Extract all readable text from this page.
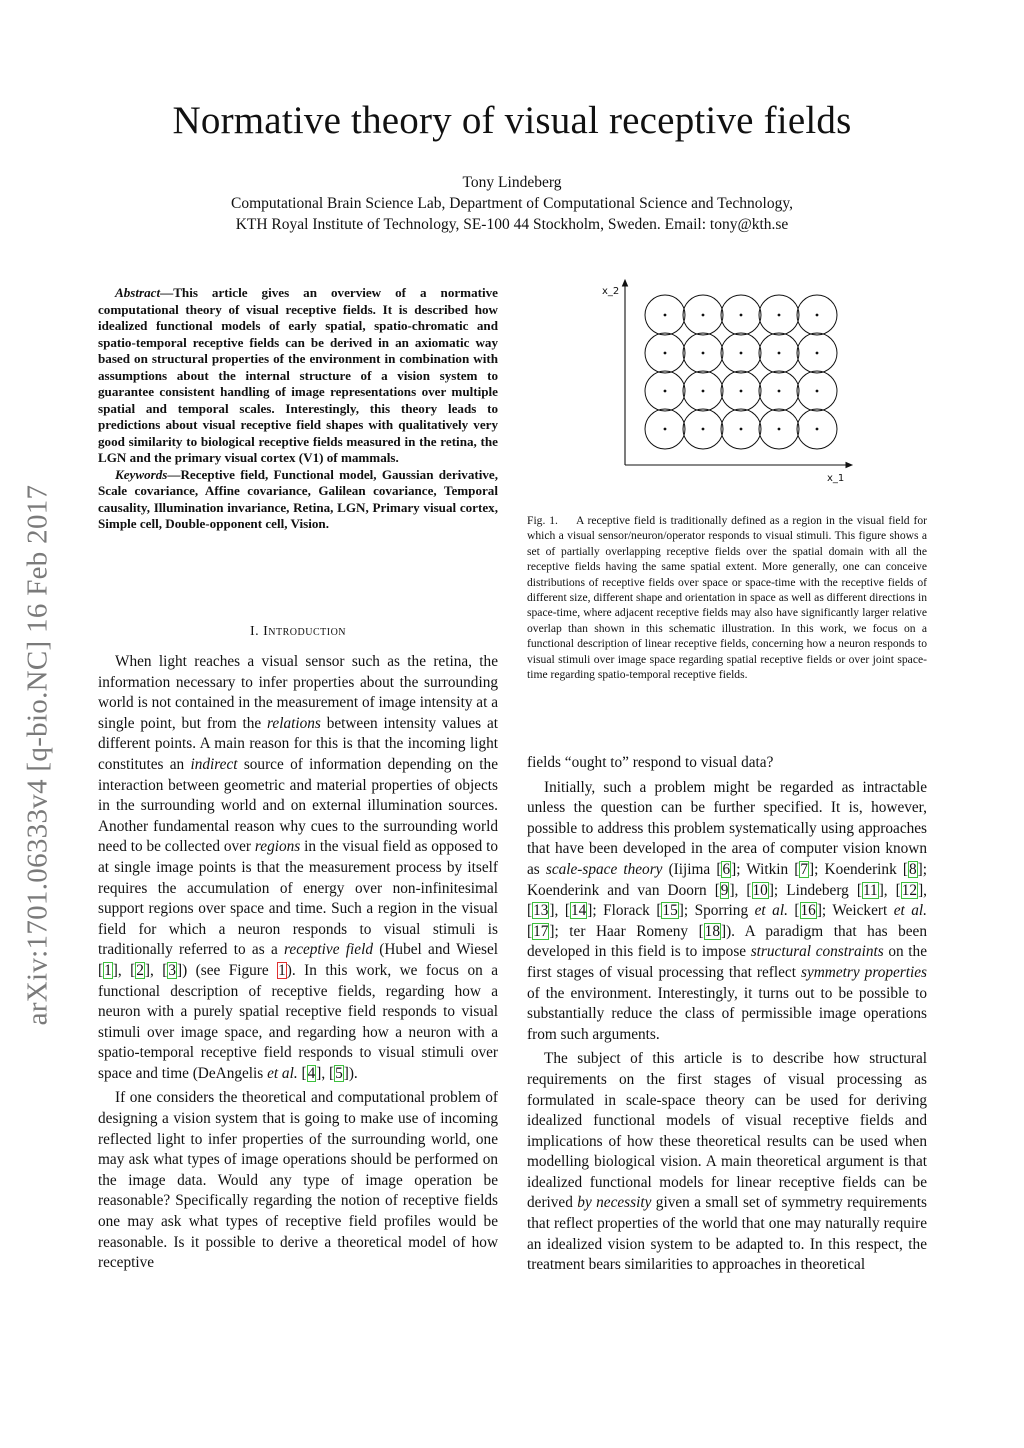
Normative theory of visual receptive fields
Tony Lindeberg
Computational Brain Science Lab, Department of Computational Science and Technology,
KTH Royal Institute of Technology, SE-100 44 Stockholm, Sweden. Email: tony@kth.se
arXiv:1701.06333v4 [q-bio.NC] 16 Feb 2017

Abstract—This article gives an overview of a normative computational theory of visual receptive fields. It is described how idealized functional models of early spatial, spatio-chromatic and spatio-temporal receptive fields can be derived in an axiomatic way based on structural properties of the environment in combination with assumptions about the internal structure of a vision system to guarantee consistent handling of image representations over multiple spatial and temporal scales. Interestingly, this theory leads to predictions about visual receptive field shapes with qualitatively very good similarity to biological receptive fields measured in the retina, the LGN and the primary visual cortex (V1) of mammals.

Keywords—Receptive field, Functional model, Gaussian derivative, Scale covariance, Affine covariance, Galilean covariance, Temporal causality, Illumination invariance, Retina, LGN, Primary visual cortex, Simple cell, Double-opponent cell, Vision.

I. Introduction

When light reaches a visual sensor such as the retina, the information necessary to infer properties about the surrounding world is not contained in the measurement of image intensity at a single point, but from the relations between intensity values at different points. A main reason for this is that the incoming light constitutes an indirect source of information depending on the interaction between geometric and material properties of objects in the surrounding world and on external illumination sources. Another fundamental reason why cues to the surrounding world need to be collected over regions in the visual field as opposed to at single image points is that the measurement process by itself requires the accumulation of energy over non-infinitesimal support regions over space and time. Such a region in the visual field for which a neuron responds to visual stimuli is traditionally referred to as a receptive field (Hubel and Wiesel [1], [2], [3]) (see Figure 1). In this work, we focus on a functional description of receptive fields, regarding how a neuron with a purely spatial receptive field responds to visual stimuli over image space, and regarding how a neuron with a spatio-temporal receptive field responds to visual stimuli over space and time (DeAngelis et al. [4], [5]).

If one considers the theoretical and computational problem of designing a vision system that is going to make use of incoming reflected light to infer properties of the surrounding world, one may ask what types of image operations should be performed on the image data. Would any type of image operation be reasonable? Specifically regarding the notion of receptive fields one may ask what types of receptive field profiles would be reasonable. Is it possible to derive a theoretical model of how receptive

x_2
x_1
Fig. 1. A receptive field is traditionally defined as a region in the visual field for which a visual sensor/neuron/operator responds to visual stimuli. This figure shows a set of partially overlapping receptive fields over the spatial domain with all the receptive fields having the same spatial extent. More generally, one can conceive distributions of receptive fields over space or space-time with the receptive fields of different size, different shape and orientation in space as well as different directions in space-time, where adjacent receptive fields may also have significantly larger relative overlap than shown in this schematic illustration. In this work, we focus on a functional description of linear receptive fields, concerning how a neuron responds to visual stimuli over image space regarding spatial receptive fields or over joint space-time regarding spatio-temporal receptive fields.

fields “ought to” respond to visual data?

Initially, such a problem might be regarded as intractable unless the question can be further specified. It is, however, possible to address this problem systematically using approaches that have been developed in the area of computer vision known as scale-space theory (Iijima [6]; Witkin [7]; Koenderink [8]; Koenderink and van Doorn [9], [10]; Lindeberg [11], [12], [13], [14]; Florack [15]; Sporring et al. [16]; Weickert et al. [17]; ter Haar Romeny [18]). A paradigm that has been developed in this field is to impose structural constraints on the first stages of visual processing that reflect symmetry properties of the environment. Interestingly, it turns out to be possible to substantially reduce the class of permissible image operations from such arguments.

The subject of this article is to describe how structural requirements on the first stages of visual processing as formulated in scale-space theory can be used for deriving idealized functional models of visual receptive fields and implications of how these theoretical results can be used when modelling biological vision. A main theoretical argument is that idealized functional models for linear receptive fields can be derived by necessity given a small set of symmetry requirements that reflect properties of the world that one may naturally require an idealized vision system to be adapted to. In this respect, the treatment bears similarities to approaches in theoretical
